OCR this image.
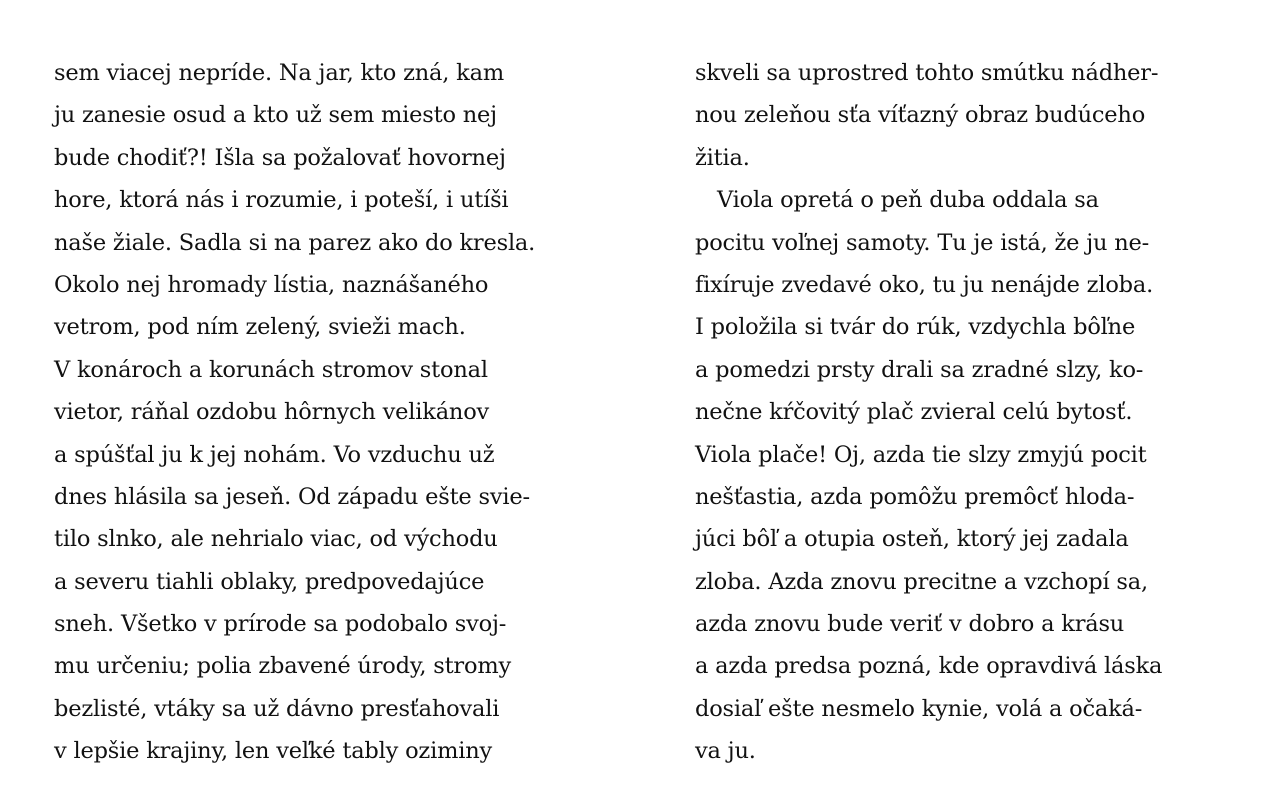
sem viacej nepríde. Na jar, kto zná, kam
ju zanesie osud a kto už sem miesto nej
bude chodiť?! Išla sa požalovať hovornej
hore, ktorá nás i rozumie, i poteší, i utíši
naše žiale. Sadla si na parez ako do kresla.
Okolo nej hromady lístia, naznášaného
vetrom, pod ním zelený, svieži mach.
V konároch a korunách stromov stonal
vietor, ráňal ozdobu hôrnych velikánov
a spúšťal ju k jej nohám. Vo vzduchu už
dnes hlásila sa jeseň. Od západu ešte svie-
tilo slnko, ale nehrialo viac, od východu
a severu tiahli oblaky, predpovedajúce
sneh. Všetko v prírode sa podobalo svoj-
mu určeniu; polia zbavené úrody, stromy
bezlisté, vtáky sa už dávno presťahovali
v lepšie krajiny, len veľké tably oziminy
skveli sa uprostred tohto smútku nádher-
nou zeleňou sťa víťazný obraz budúceho
žitia.
Viola opretá o peň duba oddala sa
pocitu voľnej samoty. Tu je istá, že ju ne-
fixíruje zvedavé oko, tu ju nenájde zloba.
I položila si tvár do rúk, vzdychla bôľne
a pomedzi prsty drali sa zradné slzy, ko-
nečne kŕčovitý plač zvieral celú bytosť.
Viola plače! Oj, azda tie slzy zmyjú pocit
nešťastia, azda pomôžu premôcť hloda-
júci bôľ a otupia osteň, ktorý jej zadala
zloba. Azda znovu precitne a vzchopí sa,
azda znovu bude veriť v dobro a krásu
a azda predsa pozná, kde opravdivá láska
dosiaľ ešte nesmelo kynie, volá a očaká-
va ju.
